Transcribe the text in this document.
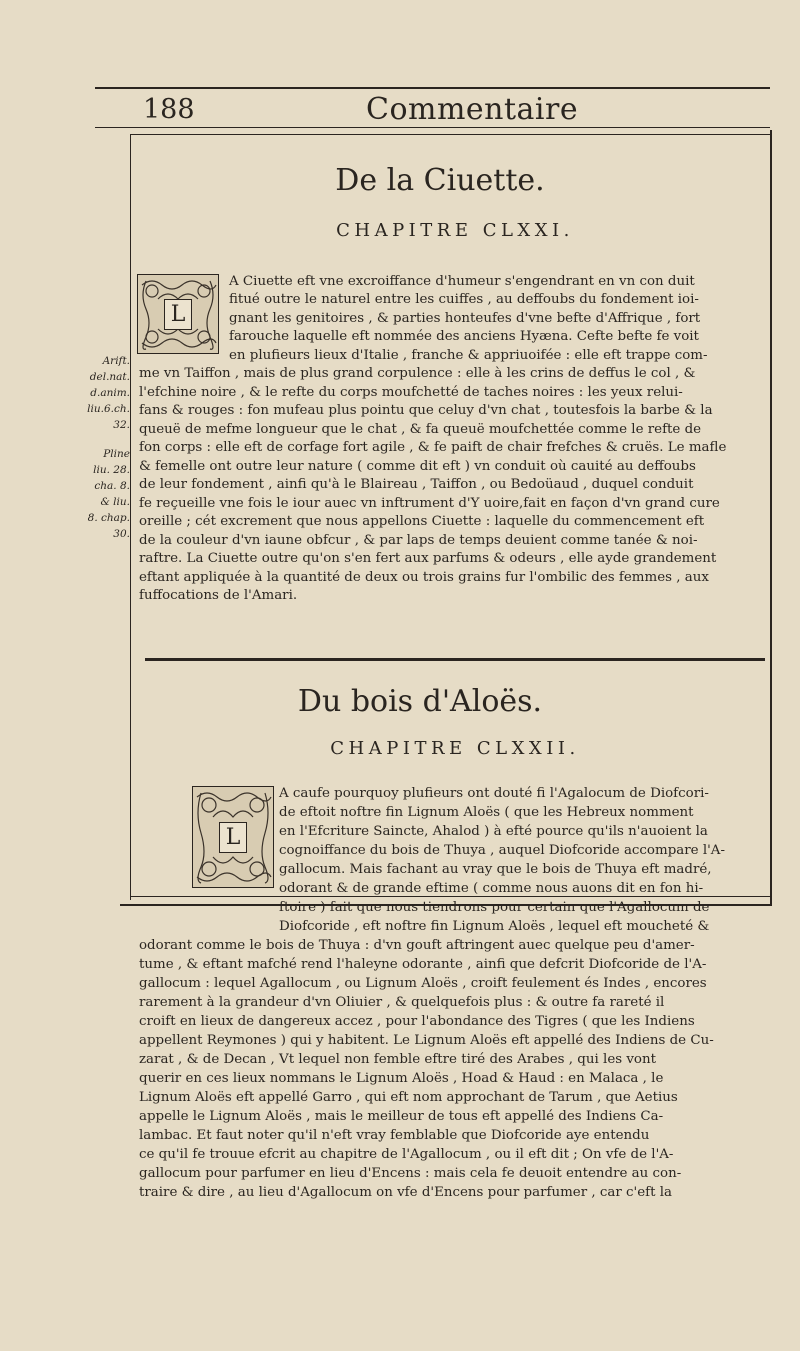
188	Commentaire
Arift.
del.nat.
d.anim.
liu.6.ch.
32.
Pline
liu. 28.
cha. 8.
& liu.
8. chap.
30.
De la Ciuette.
CHAPITRE CLXXI.
L
A Ciuette eft vne excroiffance d'humeur s'engendrant en vn con duit
fitué outre le naturel entre les cuiffes , au deffoubs du fondement ioi-
gnant les genitoires , & parties honteufes d'vne befte d'Affrique , fort
farouche laquelle eft nommée des anciens Hyæna. Cefte befte fe voit
en plufieurs lieux d'Italie , franche & appriuoifée : elle eft trappe com-
me vn Taiffon , mais de plus grand corpulence : elle à les crins de deffus le col , &
l'efchine noire , & le refte du corps moufchetté de taches noires : les yeux relui-
fans & rouges : fon mufeau plus pointu que celuy d'vn chat , toutesfois la barbe & la
queuë de mefme longueur que le chat , & fa queuë moufchettée comme le refte de
fon corps : elle eft de corfage fort agile , & fe paift de chair frefches & cruës. Le mafle
& femelle ont outre leur nature ( comme dit eft ) vn conduit où cauité au deffoubs
de leur fondement , ainfi qu'à le Blaireau , Taiffon , ou Bedoüaud , duquel conduit
fe reçueille vne fois le iour auec vn inftrument d'Y uoire,fait en façon d'vn grand cure
oreille ; cét excrement que nous appellons Ciuette : laquelle du commencement eft
de la couleur d'vn iaune obfcur , & par laps de temps deuient comme tanée & noi-
raftre. La Ciuette outre qu'on s'en fert aux parfums & odeurs , elle ayde grandement
eftant appliquée à la quantité de deux ou trois grains fur l'ombilic des femmes , aux
fuffocations de l'Amari.
Du bois d'Aloës.
CHAPITRE CLXXII.
L
A caufe pourquoy plufieurs ont douté fi l'Agalocum de Diofcori-
de eftoit noftre fin Lignum Aloës ( que les Hebreux nomment
en l'Efcriture Saincte, Ahalod ) à efté pource qu'ils n'auoient la
cognoiffance du bois de Thuya , auquel Diofcoride accompare l'A-
gallocum. Mais fachant au vray que le bois de Thuya eft madré,
odorant & de grande eftime ( comme nous auons dit en fon hi-
ftoire ) fait que nous tiendrons pour certain que l'Agallocum de
Diofcoride , eft noftre fin Lignum Aloës , lequel eft moucheté &
odorant comme le bois de Thuya : d'vn gouft aftringent auec quelque peu d'amer-
tume , & eftant mafché rend l'haleyne odorante , ainfi que defcrit Diofcoride de l'A-
gallocum : lequel Agallocum , ou Lignum Aloës , croift feulement és Indes , encores
rarement à la grandeur d'vn Oliuier , & quelquefois plus : & outre fa rareté il
croift en lieux de dangereux accez , pour l'abondance des Tigres ( que les Indiens
appellent Reymones ) qui y habitent. Le Lignum Aloës eft appellé des Indiens de Cu-
zarat , & de Decan , Vt lequel non femble eftre tiré des Arabes , qui les vont
querir en ces lieux nommans le Lignum Aloës , Hoad & Haud : en Malaca , le
Lignum Aloës eft appellé Garro , qui eft nom approchant de Tarum , que Aetius
appelle le Lignum Aloës , mais le meilleur de tous eft appellé des Indiens Ca-
lambac. Et faut noter qu'il n'eft vray femblable que Diofcoride aye entendu
ce qu'il fe trouue efcrit au chapitre de l'Agallocum , ou il eft dit ; On vfe de l'A-
gallocum pour parfumer en lieu d'Encens : mais cela fe deuoit entendre au con-
traire & dire , au lieu d'Agallocum on vfe d'Encens pour parfumer , car c'eft la
